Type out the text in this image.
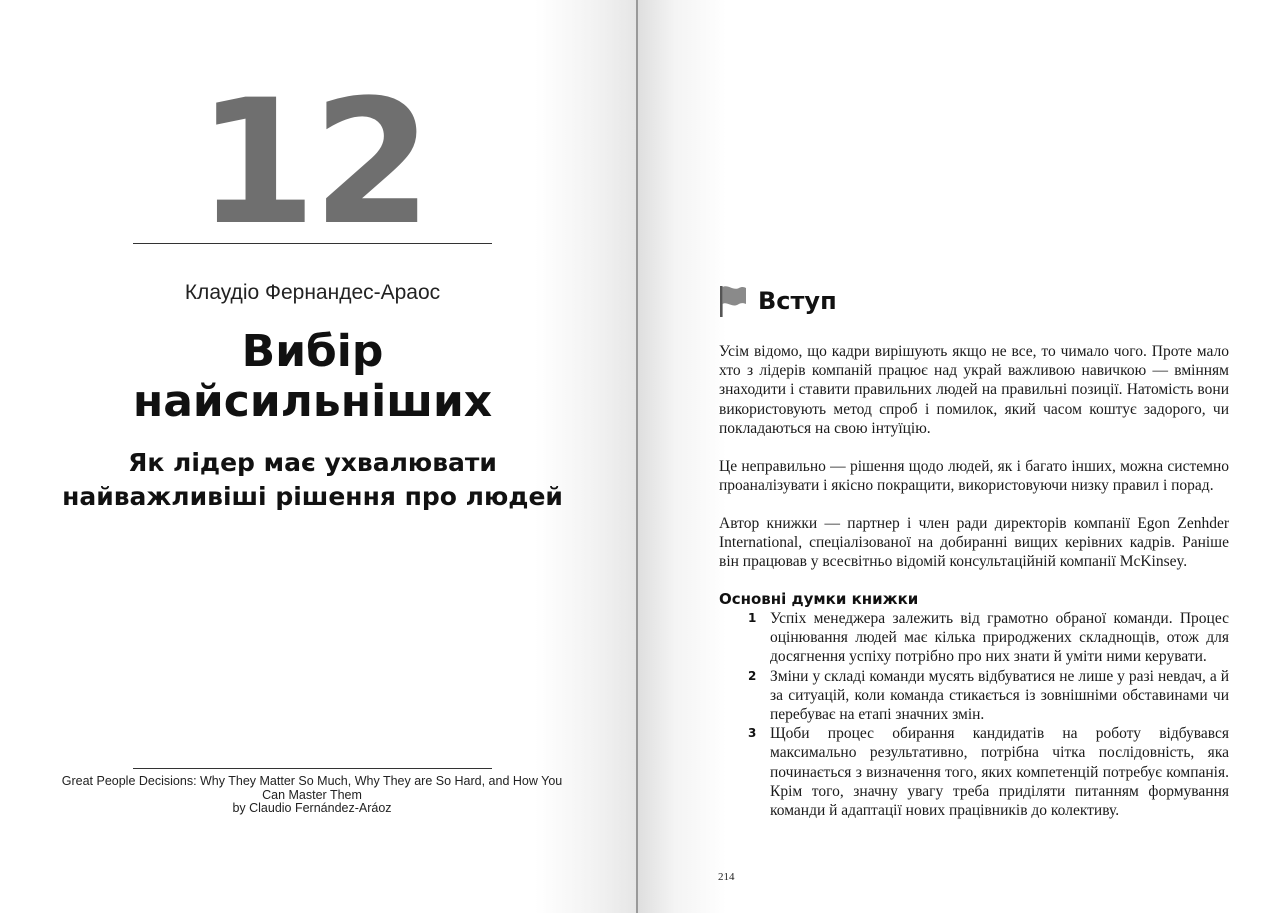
12
Клаудіо Фернандес-Араос
Вибір
найсильніших
Як лідер має ухвалювати
найважливіші рішення про людей
Great People Decisions: Why They Matter So Much, Why They are So Hard, and How You
Can Master Them
by Claudio Fernández-Aráoz
Вступ

Усім відомо, що кадри вирішують якщо не все, то чимало чого. Проте мало хто з лідерів компаній працює над украй важливою навичкою — вмінням знаходити і ставити правильних людей на правильні позиції. Натомість вони використовують метод спроб і помилок, який часом коштує задорого, чи покладаються на свою інтуїцію.

Це неправильно — рішення щодо людей, як і багато інших, можна системно проаналізувати і якісно покращити, використовуючи низку правил і порад.

Автор книжки — партнер і член ради директорів компанії Egon Zenhder International, спеціалізованої на добиранні вищих керівних кадрів. Раніше він працював у всесвітньо відомій консультаційній компанії McKinsey.

Основні думки книжки
1 Успіх менеджера залежить від грамотно обраної команди. Процес оцінювання людей має кілька природжених складнощів, отож для досягнення успіху потрібно про них знати й уміти ними керувати.
2 Зміни у складі команди мусять відбуватися не лише у разі невдач, а й за ситуацій, коли команда стикається із зовнішніми обставинами чи перебуває на етапі значних змін.
3 Щоби процес обирання кандидатів на роботу відбувався максимально результативно, потрібна чітка послідовність, яка починається з визначення того, яких компетенцій потребує компанія. Крім того, значну увагу треба приділяти питанням формування команди й адаптації нових працівників до колективу.
214
